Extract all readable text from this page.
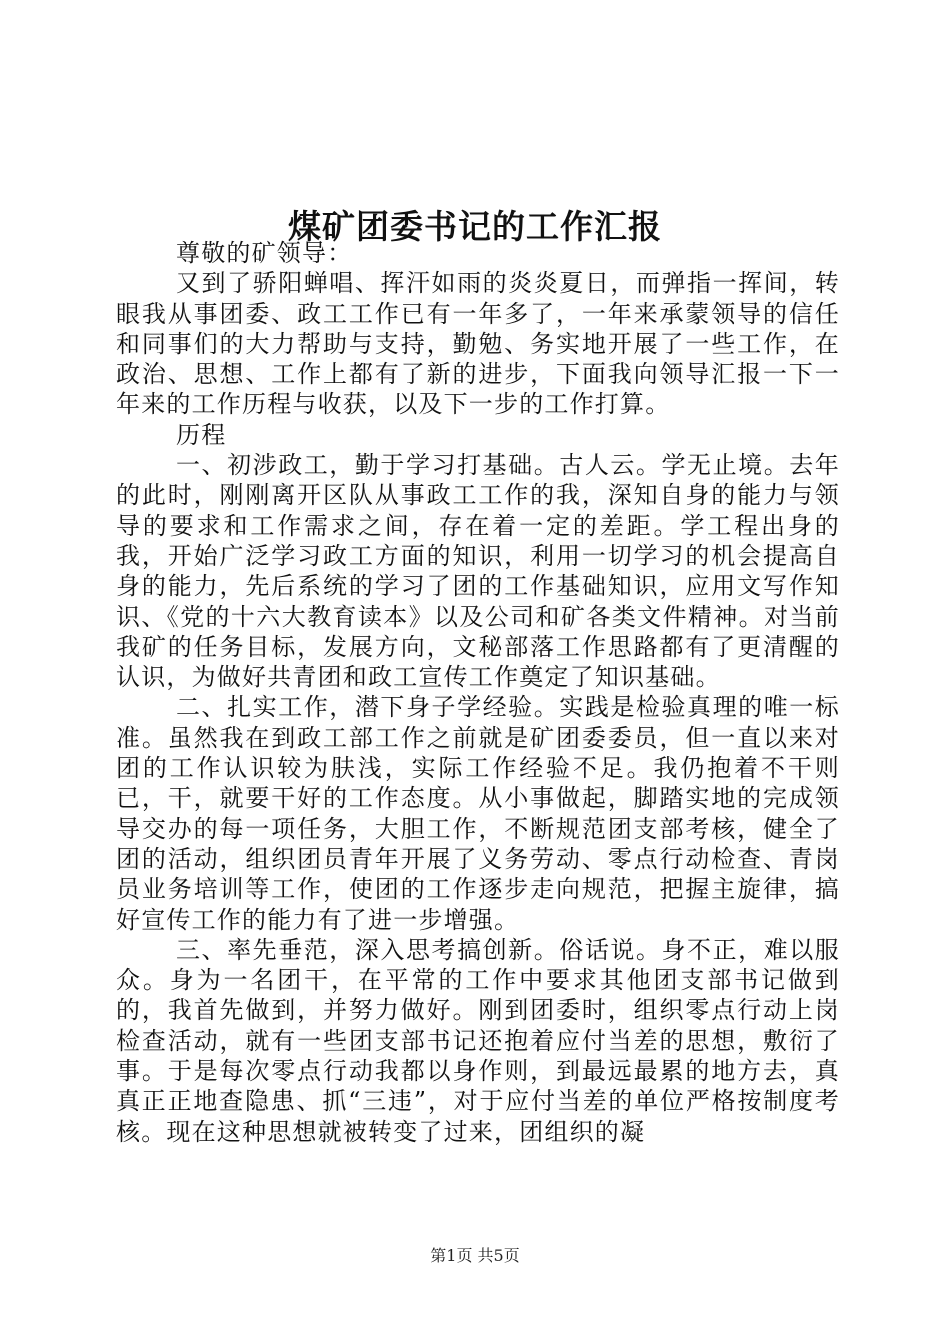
煤矿团委书记的工作汇报

尊敬的矿领导：

又到了骄阳蝉唱、挥汗如雨的炎炎夏日，而弹指一挥间，转眼我从事团委、政工工作已有一年多了，一年来承蒙领导的信任和同事们的大力帮助与支持，勤勉、务实地开展了一些工作，在政治、思想、工作上都有了新的进步，下面我向领导汇报一下一年来的工作历程与收获，以及下一步的工作打算。

历程

一、初涉政工，勤于学习打基础。古人云。学无止境。去年的此时，刚刚离开区队从事政工工作的我，深知自身的能力与领导的要求和工作需求之间，存在着一定的差距。学工程出身的我，开始广泛学习政工方面的知识，利用一切学习的机会提高自身的能力，先后系统的学习了团的工作基础知识，应用文写作知识、《党的十六大教育读本》以及公司和矿各类文件精神。对当前我矿的任务目标，发展方向，文秘部落工作思路都有了更清醒的认识，为做好共青团和政工宣传工作奠定了知识基础。

二、扎实工作，潜下身子学经验。实践是检验真理的唯一标准。虽然我在到政工部工作之前就是矿团委委员，但一直以来对团的工作认识较为肤浅，实际工作经验不足。我仍抱着不干则已，干，就要干好的工作态度。从小事做起，脚踏实地的完成领导交办的每一项任务，大胆工作，不断规范团支部考核，健全了团的活动，组织团员青年开展了义务劳动、零点行动检查、青岗员业务培训等工作，使团的工作逐步走向规范，把握主旋律，搞好宣传工作的能力有了进一步增强。

三、率先垂范，深入思考搞创新。俗话说。身不正，难以服众。身为一名团干，在平常的工作中要求其他团支部书记做到的，我首先做到，并努力做好。刚到团委时，组织零点行动上岗检查活动，就有一些团支部书记还抱着应付当差的思想，敷衍了事。于是每次零点行动我都以身作则，到最远最累的地方去，真真正正地查隐患、抓“三违”，对于应付当差的单位严格按制度考核。现在这种思想就被转变了过来，团组织的凝

第1页 共5页
